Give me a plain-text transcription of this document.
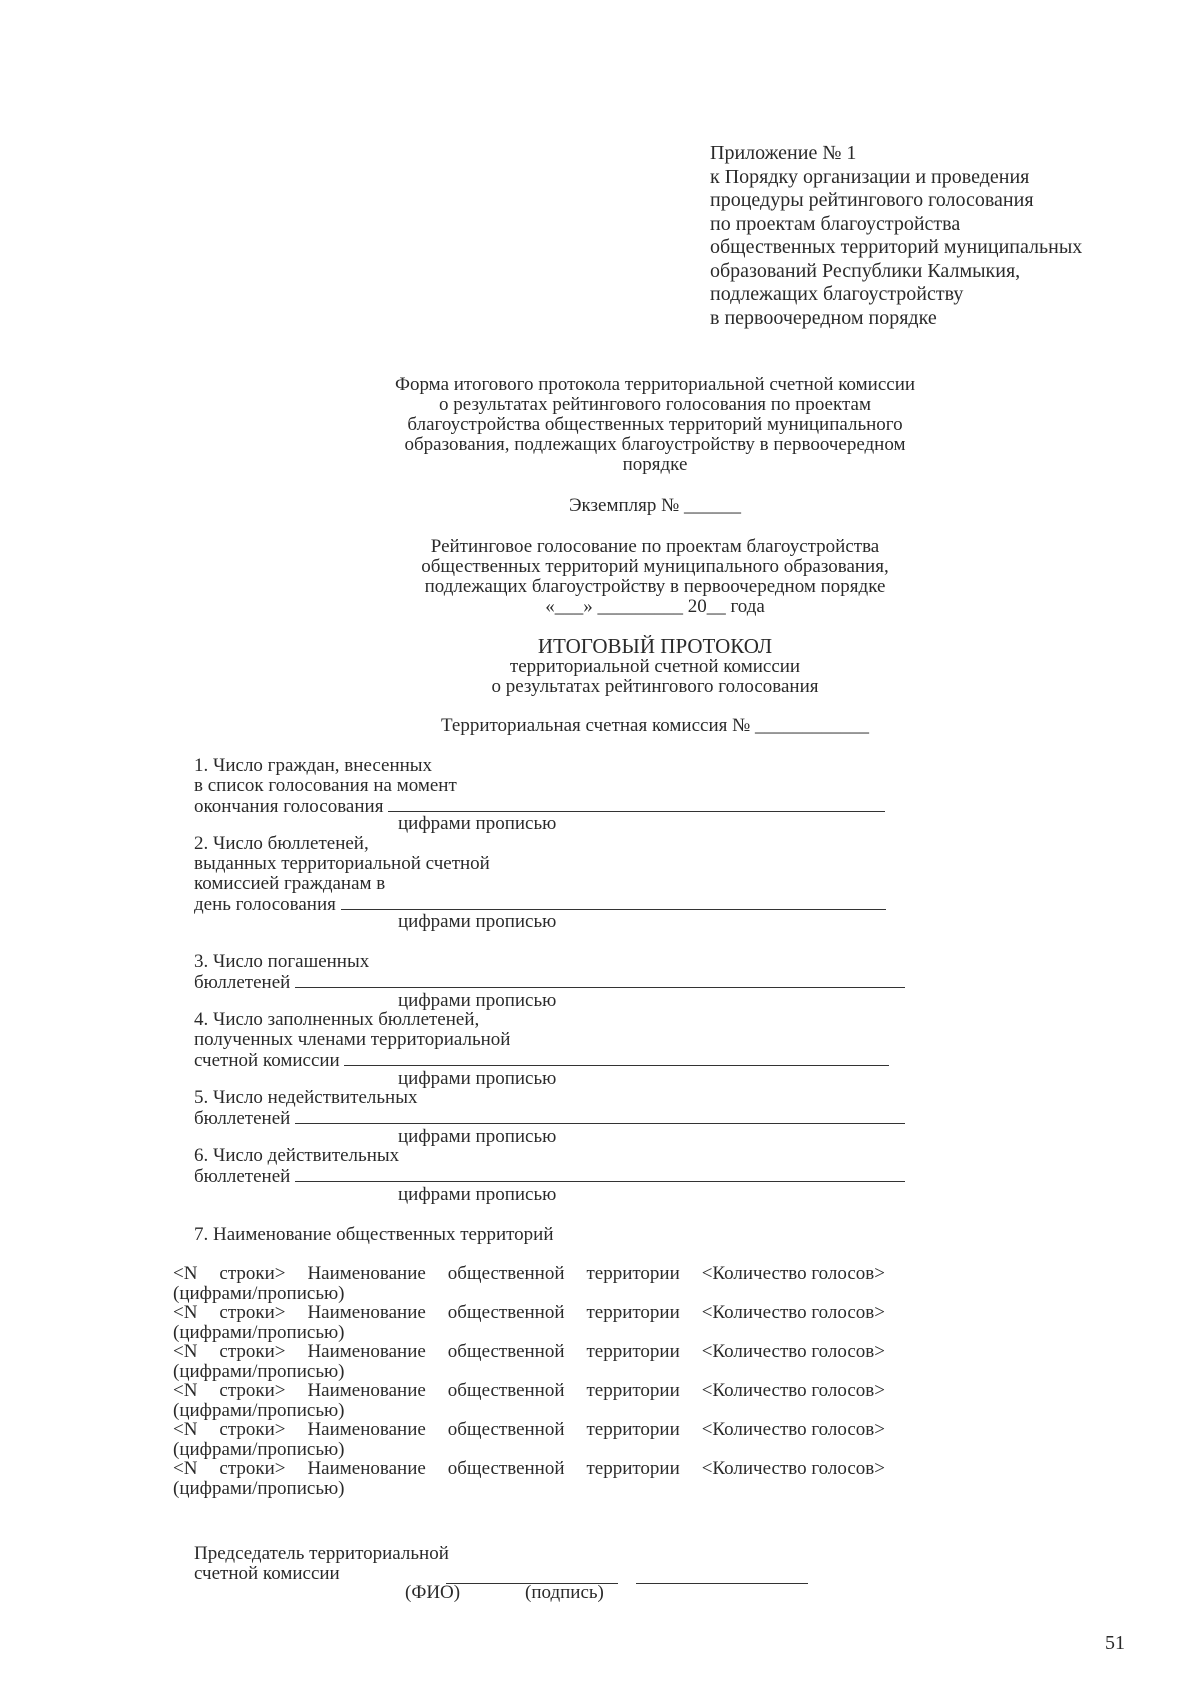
Приложение № 1
к Порядку организации и проведения
процедуры рейтингового голосования
по проектам благоустройства
общественных территорий муниципальных
образований Республики Калмыкия,
подлежащих благоустройству
в первоочередном порядке
Форма итогового протокола территориальной счетной комиссии
о результатах рейтингового голосования по проектам
благоустройства общественных территорий муниципального
образования, подлежащих благоустройству в первоочередном
порядке
Экземпляр № ______
Рейтинговое голосование по проектам благоустройства
общественных территорий муниципального образования,
подлежащих благоустройству в первоочередном порядке
«___» _________ 20__ года
ИТОГОВЫЙ ПРОТОКОЛ
территориальной счетной комиссии
о результатах рейтингового голосования
Территориальная счетная комиссия № ____________
1. Число граждан, внесенных
в список голосования на момент
окончания голосования
цифрами прописью
2. Число бюллетеней,
выданных территориальной счетной
комиссией гражданам в
день голосования
цифрами прописью
3. Число погашенных
бюллетеней
цифрами прописью
4. Число заполненных бюллетеней,
полученных членами территориальной
счетной комиссии
цифрами прописью
5. Число недействительных
бюллетеней
цифрами прописью
6. Число действительных
бюллетеней
цифрами прописью
7. Наименование общественных территорий
<N строки> Наименование общественной территории <Количество голосов>
(цифрами/прописью)
<N строки> Наименование общественной территории <Количество голосов>
(цифрами/прописью)
<N строки> Наименование общественной территории <Количество голосов>
(цифрами/прописью)
<N строки> Наименование общественной территории <Количество голосов>
(цифрами/прописью)
<N строки> Наименование общественной территории <Количество голосов>
(цифрами/прописью)
<N строки> Наименование общественной территории <Количество голосов>
(цифрами/прописью)
Председатель территориальной
счетной комиссии
(ФИО)	(подпись)
51
